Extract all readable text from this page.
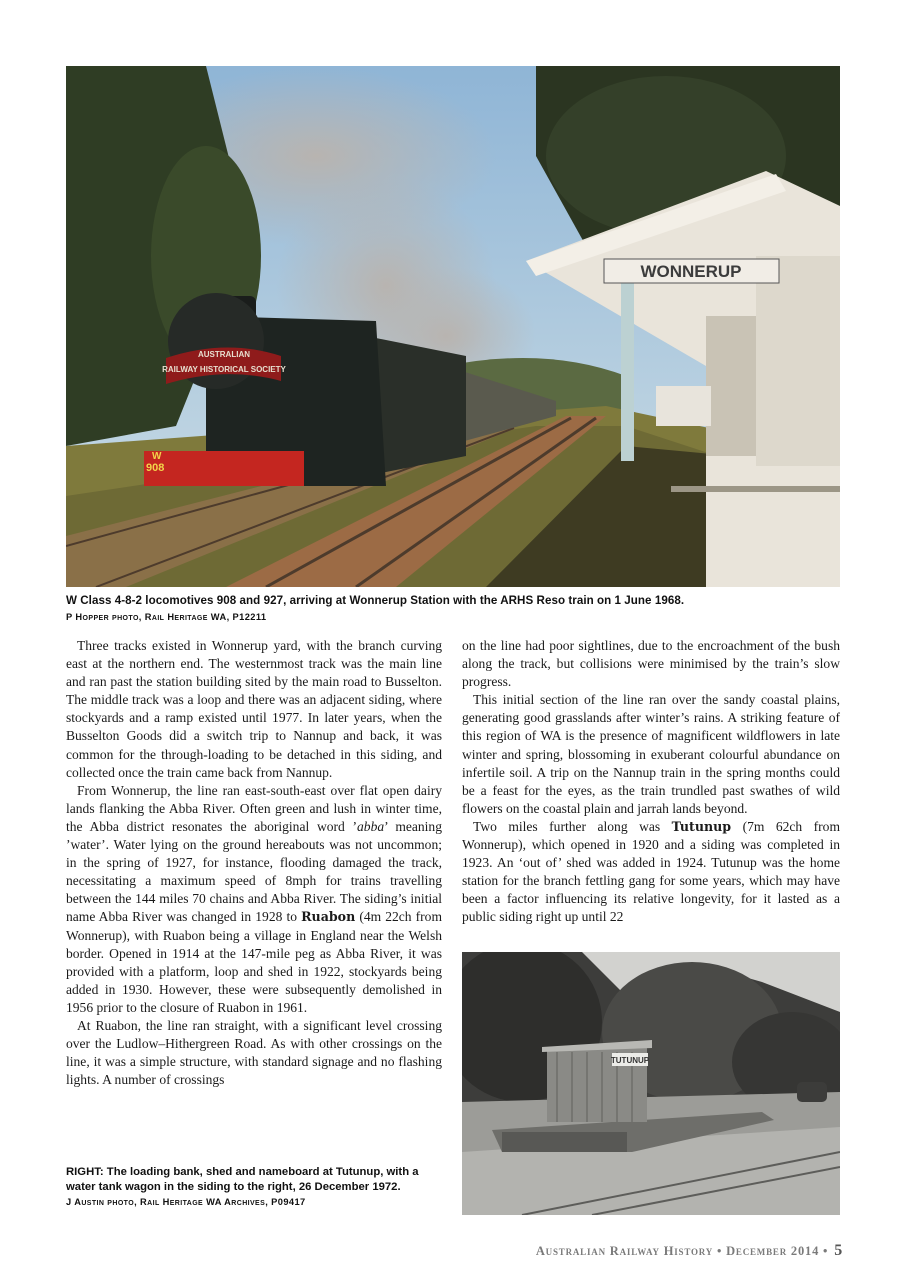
AUSTRALIAN
RAILWAY HISTORICAL SOCIETY
W
908
WONNERUP
W Class 4-8-2 locomotives 908 and 927, arriving at Wonnerup Station with the ARHS Reso train on 1 June 1968.
P Hopper photo, Rail Heritage WA, P12211

Three tracks existed in Wonnerup yard, with the branch curving east at the northern end. The westernmost track was the main line and ran past the station building sited by the main road to Busselton. The middle track was a loop and there was an adjacent siding, where stockyards and a ramp existed until 1977. In later years, when the Busselton Goods did a switch trip to Nannup and back, it was common for the through-loading to be detached in this siding, and collected once the train came back from Nannup.

From Wonnerup, the line ran east-south-east over flat open dairy lands flanking the Abba River. Often green and lush in winter time, the Abba district resonates the aboriginal word ’abba’ meaning ’water’. Water lying on the ground hereabouts was not uncommon; in the spring of 1927, for instance, flooding damaged the track, necessitating a maximum speed of 8mph for trains travelling between the 144 miles 70 chains and Abba River. The siding’s initial name Abba River was changed in 1928 to Ruabon (4m 22ch from Wonnerup), with Ruabon being a village in England near the Welsh border. Opened in 1914 at the 147-mile peg as Abba River, it was provided with a platform, loop and shed in 1922, stockyards being added in 1930. However, these were subsequently demolished in 1956 prior to the closure of Ruabon in 1961.

At Ruabon, the line ran straight, with a significant level crossing over the Ludlow–Hithergreen Road. As with other crossings on the line, it was a simple structure, with standard signage and no flashing lights. A number of crossings

on the line had poor sightlines, due to the encroachment of the bush along the track, but collisions were minimised by the train’s slow progress.

This initial section of the line ran over the sandy coastal plains, generating good grasslands after winter’s rains. A striking feature of this region of WA is the presence of magnificent wildflowers in late winter and spring, blossoming in exuberant colourful abundance on infertile soil. A trip on the Nannup train in the spring months could be a feast for the eyes, as the train trundled past swathes of wild flowers on the coastal plain and jarrah lands beyond.

Two miles further along was Tutunup (7m 62ch from Wonnerup), which opened in 1920 and a siding was completed in 1923. An ‘out of’ shed was added in 1924. Tutunup was the home station for the branch fettling gang for some years, which may have been a factor influencing its relative longevity, for it lasted as a public siding right up until 22

TUTUNUP
RIGHT: The loading bank, shed and nameboard at Tutunup, with a water tank wagon in the siding to the right, 26 December 1972.
J Austin photo, Rail Heritage WA Archives, P09417
Australian Railway History • December 2014 • 5
